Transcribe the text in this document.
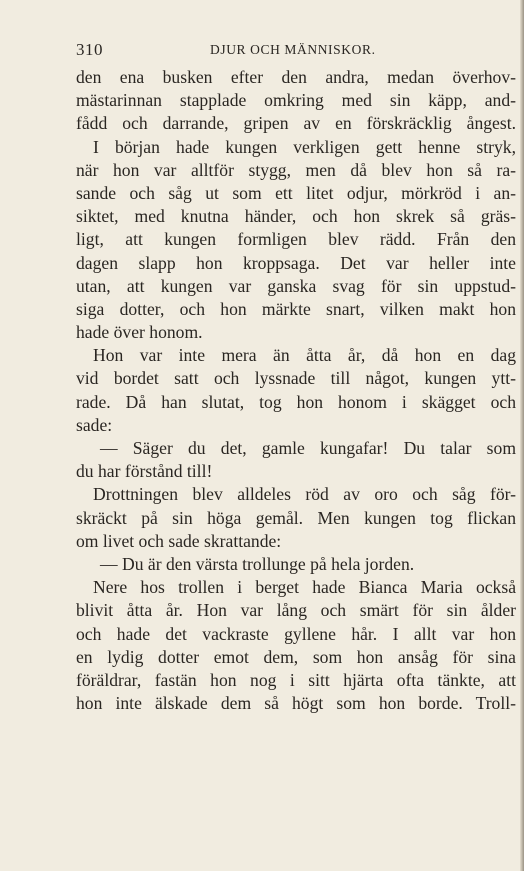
310	DJUR OCH MÄNNISKOR.
den ena busken efter den andra, medan överhov-
mästarinnan stapplade omkring med sin käpp, and-
fådd och darrande, gripen av en förskräcklig ångest.
I början hade kungen verkligen gett henne stryk,
när hon var alltför stygg, men då blev hon så ra-
sande och såg ut som ett litet odjur, mörkröd i an-
siktet, med knutna händer, och hon skrek så gräs-
ligt, att kungen formligen blev rädd. Från den
dagen slapp hon kroppsaga. Det var heller inte
utan, att kungen var ganska svag för sin uppstud-
siga dotter, och hon märkte snart, vilken makt hon
hade över honom.
Hon var inte mera än åtta år, då hon en dag
vid bordet satt och lyssnade till något, kungen ytt-
rade. Då han slutat, tog hon honom i skägget och
sade:
— Säger du det, gamle kungafar! Du talar som
du har förstånd till!
Drottningen blev alldeles röd av oro och såg för-
skräckt på sin höga gemål. Men kungen tog flickan
om livet och sade skrattande:
— Du är den värsta trollunge på hela jorden.
Nere hos trollen i berget hade Bianca Maria också
blivit åtta år. Hon var lång och smärt för sin ålder
och hade det vackraste gyllene hår. I allt var hon
en lydig dotter emot dem, som hon ansåg för sina
föräldrar, fastän hon nog i sitt hjärta ofta tänkte, att
hon inte älskade dem så högt som hon borde. Troll-
